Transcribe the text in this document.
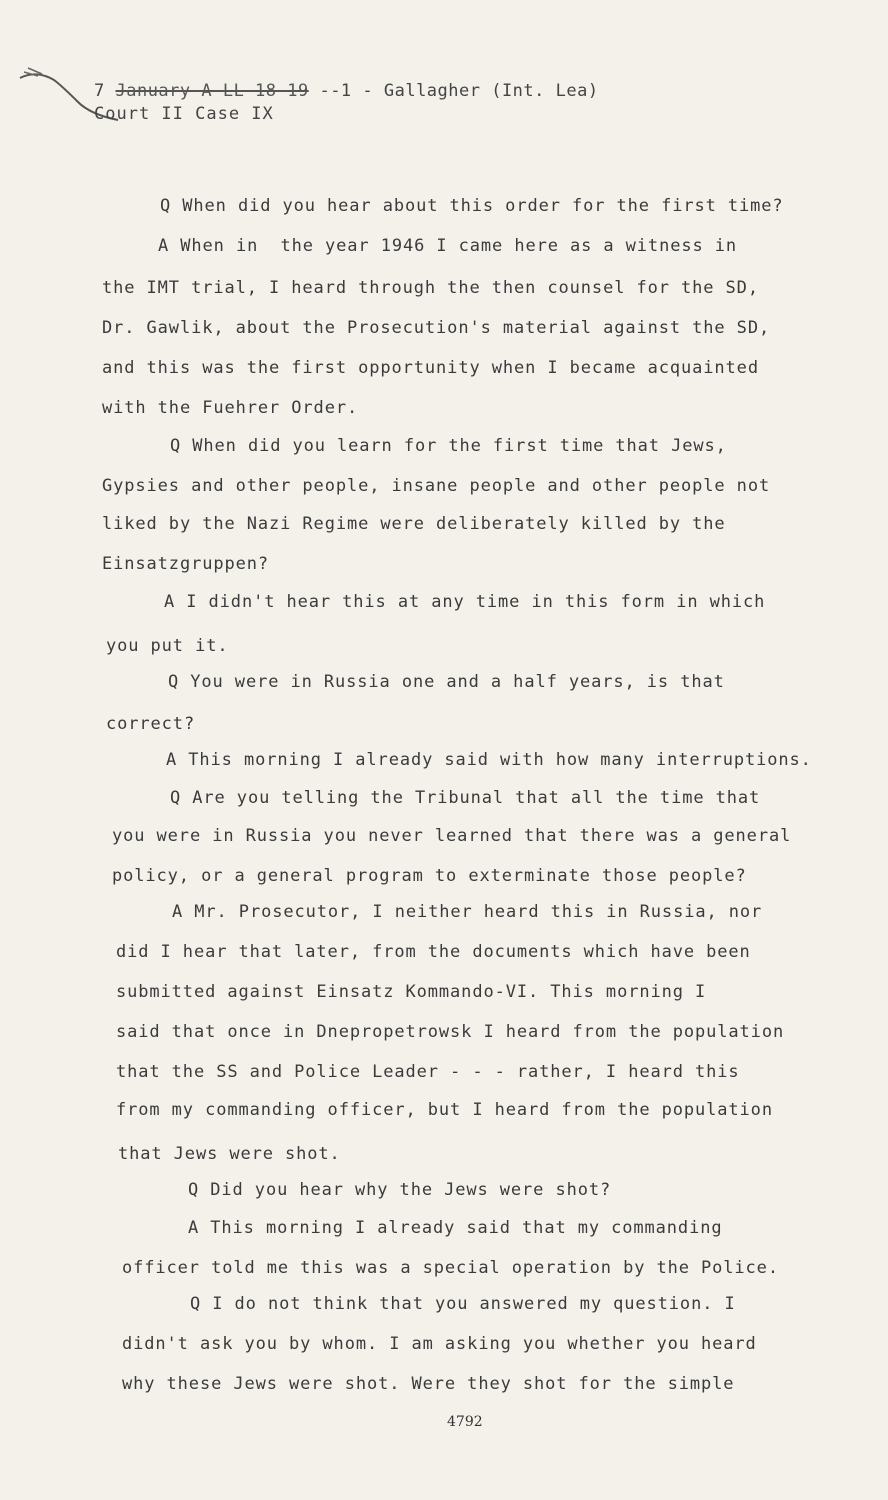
7 January-A-LL-18-19 --1 - Gallagher (Int. Lea)
Court II Case IX
Q When did you hear about this order for the first time?
A When in  the year 1946 I came here as a witness in
the IMT trial, I heard through the then counsel for the SD,
Dr. Gawlik, about the Prosecution's material against the SD,
and this was the first opportunity when I became acquainted
with the Fuehrer Order.
Q When did you learn for the first time that Jews,
Gypsies and other people, insane people and other people not
liked by the Nazi Regime were deliberately killed by the
Einsatzgruppen?
A I didn't hear this at any time in this form in which
you put it.
Q You were in Russia one and a half years, is that
correct?
A This morning I already said with how many interruptions.
Q Are you telling the Tribunal that all the time that
you were in Russia you never learned that there was a general
policy, or a general program to exterminate those people?
A Mr. Prosecutor, I neither heard this in Russia, nor
did I hear that later, from the documents which have been
submitted against Einsatz Kommando-VI. This morning I
said that once in Dnepropetrowsk I heard from the population
that the SS and Police Leader - - - rather, I heard this
from my commanding officer, but I heard from the population
that Jews were shot.
Q Did you hear why the Jews were shot?
A This morning I already said that my commanding
officer told me this was a special operation by the Police.
Q I do not think that you answered my question. I
didn't ask you by whom. I am asking you whether you heard
why these Jews were shot. Were they shot for the simple
4792
